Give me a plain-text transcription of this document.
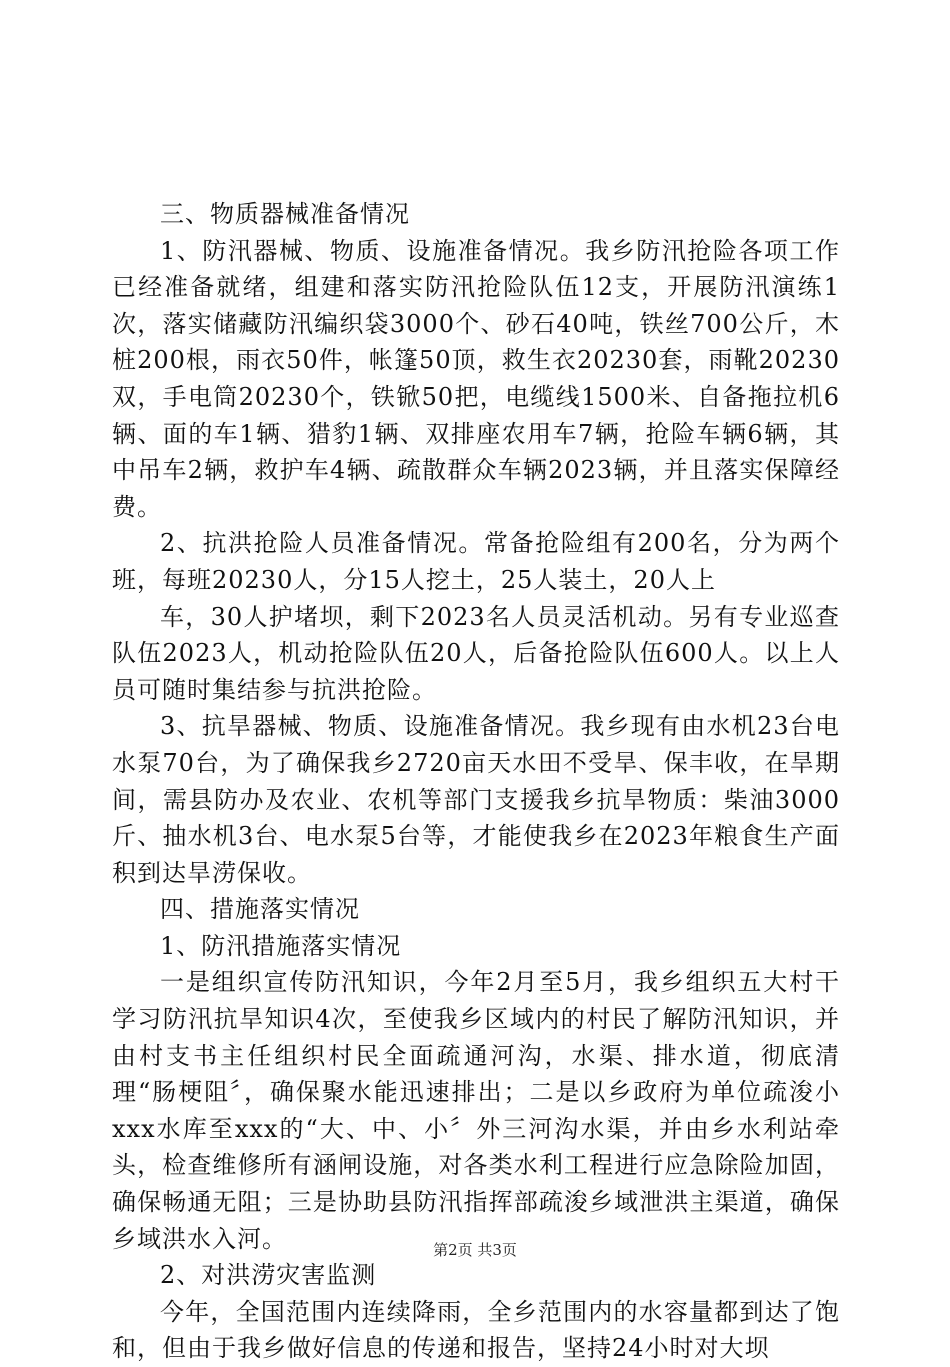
三、物质器械准备情况

1、防汛器械、物质、设施准备情况。我乡防汛抢险各项工作已经准备就绪，组建和落实防汛抢险队伍12支，开展防汛演练1次，落实储藏防汛编织袋3000个、砂石40吨，铁丝700公斤，木桩200根，雨衣50件，帐篷50顶，救生衣20230套，雨靴20230双，手电筒20230个，铁锨50把，电缆线1500米、自备拖拉机6辆、面的车1辆、猎豹1辆、双排座农用车7辆，抢险车辆6辆，其中吊车2辆，救护车4辆、疏散群众车辆2023辆，并且落实保障经费。

2、抗洪抢险人员准备情况。常备抢险组有200名，分为两个班，每班20230人，分15人挖土，25人装土，20人上

车，30人护堵坝，剩下2023名人员灵活机动。另有专业巡查队伍2023人，机动抢险队伍20人，后备抢险队伍600人。以上人员可随时集结参与抗洪抢险。

3、抗旱器械、物质、设施准备情况。我乡现有由水机23台电水泵70台，为了确保我乡2720亩天水田不受旱、保丰收，在旱期间，需县防办及农业、农机等部门支援我乡抗旱物质：柴油3000斤、抽水机3台、电水泵5台等，才能使我乡在2023年粮食生产面积到达旱涝保收。

四、措施落实情况

1、防汛措施落实情况

一是组织宣传防汛知识，今年2月至5月，我乡组织五大村干学习防汛抗旱知识4次，至使我乡区域内的村民了解防汛知识，并由村支书主任组织村民全面疏通河沟，水渠、排水道，彻底清理“肠梗阻〞，确保聚水能迅速排出；二是以乡政府为单位疏浚小xxx水库至xxx的“大、中、小〞外三河沟水渠，并由乡水利站牵头，检查维修所有涵闸设施，对各类水利工程进行应急除险加固，确保畅通无阻；三是协助县防汛指挥部疏浚乡域泄洪主渠道，确保乡域洪水入河。

2、对洪涝灾害监测

今年，全国范围内连续降雨，全乡范围内的水容量都到达了饱和，但由于我乡做好信息的传递和报告，坚持24小时对大坝

第2页 共3页
